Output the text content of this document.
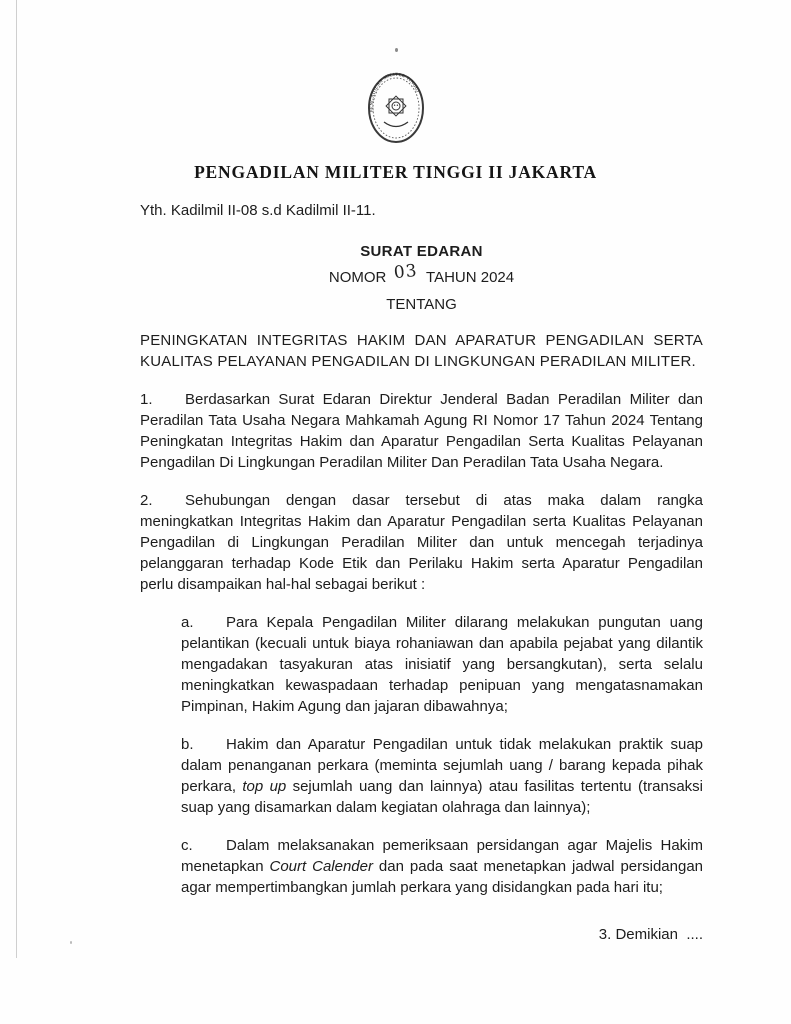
PENGADILAN MILITER TINGGI
PENGADILAN MILITER TINGGI II JAKARTA
Yth. Kadilmil II-08 s.d Kadilmil II-11.
SURAT EDARAN
NOMOR 03 TAHUN 2024
TENTANG
PENINGKATAN INTEGRITAS HAKIM DAN APARATUR PENGADILAN SERTA KUALITAS PELAYANAN PENGADILAN DI LINGKUNGAN PERADILAN MILITER.
1. Berdasarkan Surat Edaran Direktur Jenderal Badan Peradilan Militer dan Peradilan Tata Usaha Negara Mahkamah Agung RI Nomor 17 Tahun 2024 Tentang Peningkatan Integritas Hakim dan Aparatur Pengadilan Serta Kualitas Pelayanan Pengadilan Di Lingkungan Peradilan Militer Dan Peradilan Tata Usaha Negara.
2. Sehubungan dengan dasar tersebut di atas maka dalam rangka meningkatkan Integritas Hakim dan Aparatur Pengadilan serta Kualitas Pelayanan Pengadilan di Lingkungan Peradilan Militer dan untuk mencegah terjadinya pelanggaran terhadap Kode Etik dan Perilaku Hakim serta Aparatur Pengadilan perlu disampaikan hal-hal sebagai berikut :
a. Para Kepala Pengadilan Militer dilarang melakukan pungutan uang pelantikan (kecuali untuk biaya rohaniawan dan apabila pejabat yang dilantik mengadakan tasyakuran atas inisiatif yang bersangkutan), serta selalu meningkatkan kewaspadaan terhadap penipuan yang mengatasnamakan Pimpinan, Hakim Agung dan jajaran dibawahnya;
b. Hakim dan Aparatur Pengadilan untuk tidak melakukan praktik suap dalam penanganan perkara (meminta sejumlah uang / barang kepada pihak perkara, top up sejumlah uang dan lainnya) atau fasilitas tertentu (transaksi suap yang disamarkan dalam kegiatan olahraga dan lainnya);
c. Dalam melaksanakan pemeriksaan persidangan agar Majelis Hakim menetapkan Court Calender dan pada saat menetapkan jadwal persidangan agar mempertimbangkan jumlah perkara yang disidangkan pada hari itu;
3. Demikian  ....
